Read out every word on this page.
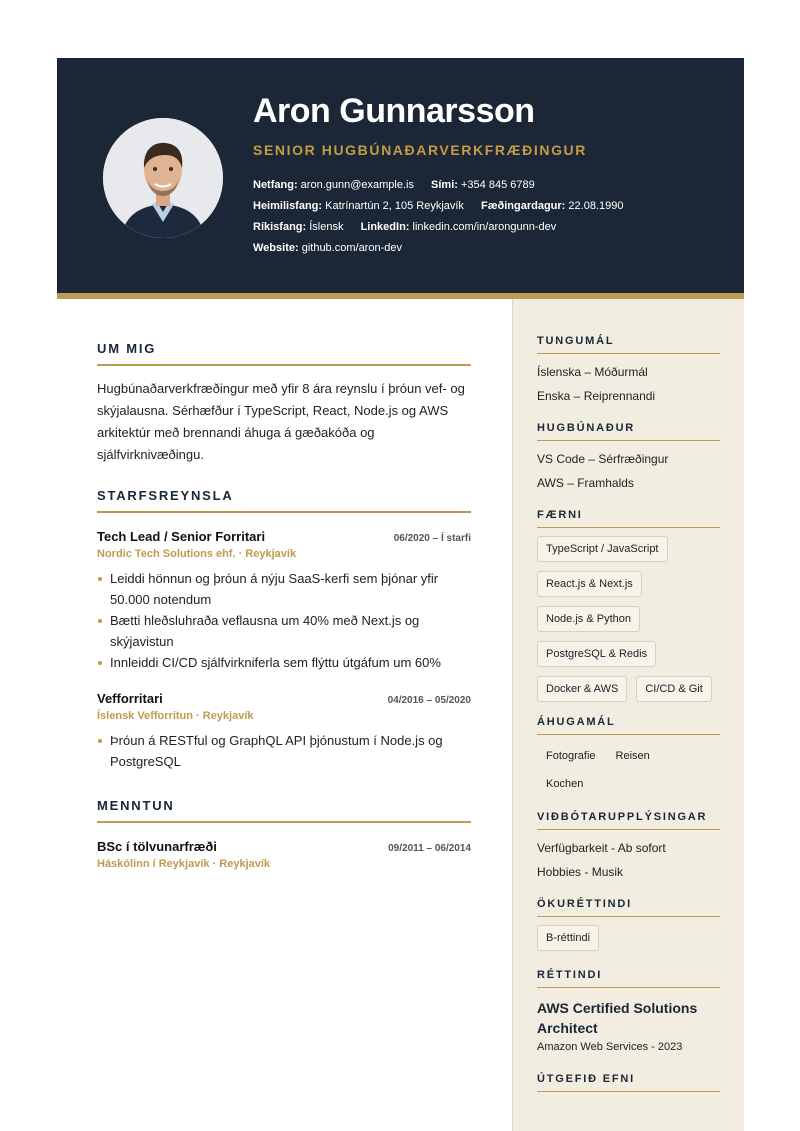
Aron Gunnarsson
SENIOR HUGBÚNAÐARVERKFRÆÐINGUR
Netfang: aron.gunn@example.is Sími: +354 845 6789
Heimilisfang: Katrínartún 2, 105 Reykjavík Fæðingardagur: 22.08.1990
Ríkisfang: Íslensk LinkedIn: linkedin.com/in/arongunn-dev
Website: github.com/aron-dev
UM MIG

Hugbúnaðarverkfræðingur með yfir 8 ára reynslu í þróun vef- og skýjalausna. Sérhæfður í TypeScript, React, Node.js og AWS arkitektúr með brennandi áhuga á gæðakóða og sjálfvirknivæðingu.

STARFSREYNSLA
Tech Lead / Senior Forritari	06/2020 – Í starfi
Nordic Tech Solutions ehf. · Reykjavík
Leiddi hönnun og þróun á nýju SaaS-kerfi sem þjónar yfir 50.000 notendum
Bætti hleðsluhraða veflausna um 40% með Next.js og skýjavistun
Innleiddi CI/CD sjálfvirkniferla sem flýttu útgáfum um 60%
Vefforritari	04/2016 – 05/2020
Íslensk Vefforritun · Reykjavík
Þróun á RESTful og GraphQL API þjónustum í Node.js og PostgreSQL
MENNTUN
BSc í tölvunarfræði	09/2011 – 06/2014
Háskólinn í Reykjavík · Reykjavík
TUNGUMÁL
Íslenska – Móðurmál
Enska – Reiprennandi
HUGBÚNAÐUR
VS Code – Sérfræðingur
AWS – Framhalds
FÆRNI
TypeScript / JavaScript
React.js & Next.js
Node.js & Python
PostgreSQL & Redis
Docker & AWS	CI/CD & Git
ÁHUGAMÁL
Fotografie	Reisen
Kochen
VIÐBÓTARUPPLÝSINGAR
Verfügbarkeit - Ab sofort
Hobbies - Musik
ÖKURÉTTINDI
B-réttindi
RÉTTINDI
AWS Certified Solutions Architect
Amazon Web Services - 2023
ÚTGEFIÐ EFNI
